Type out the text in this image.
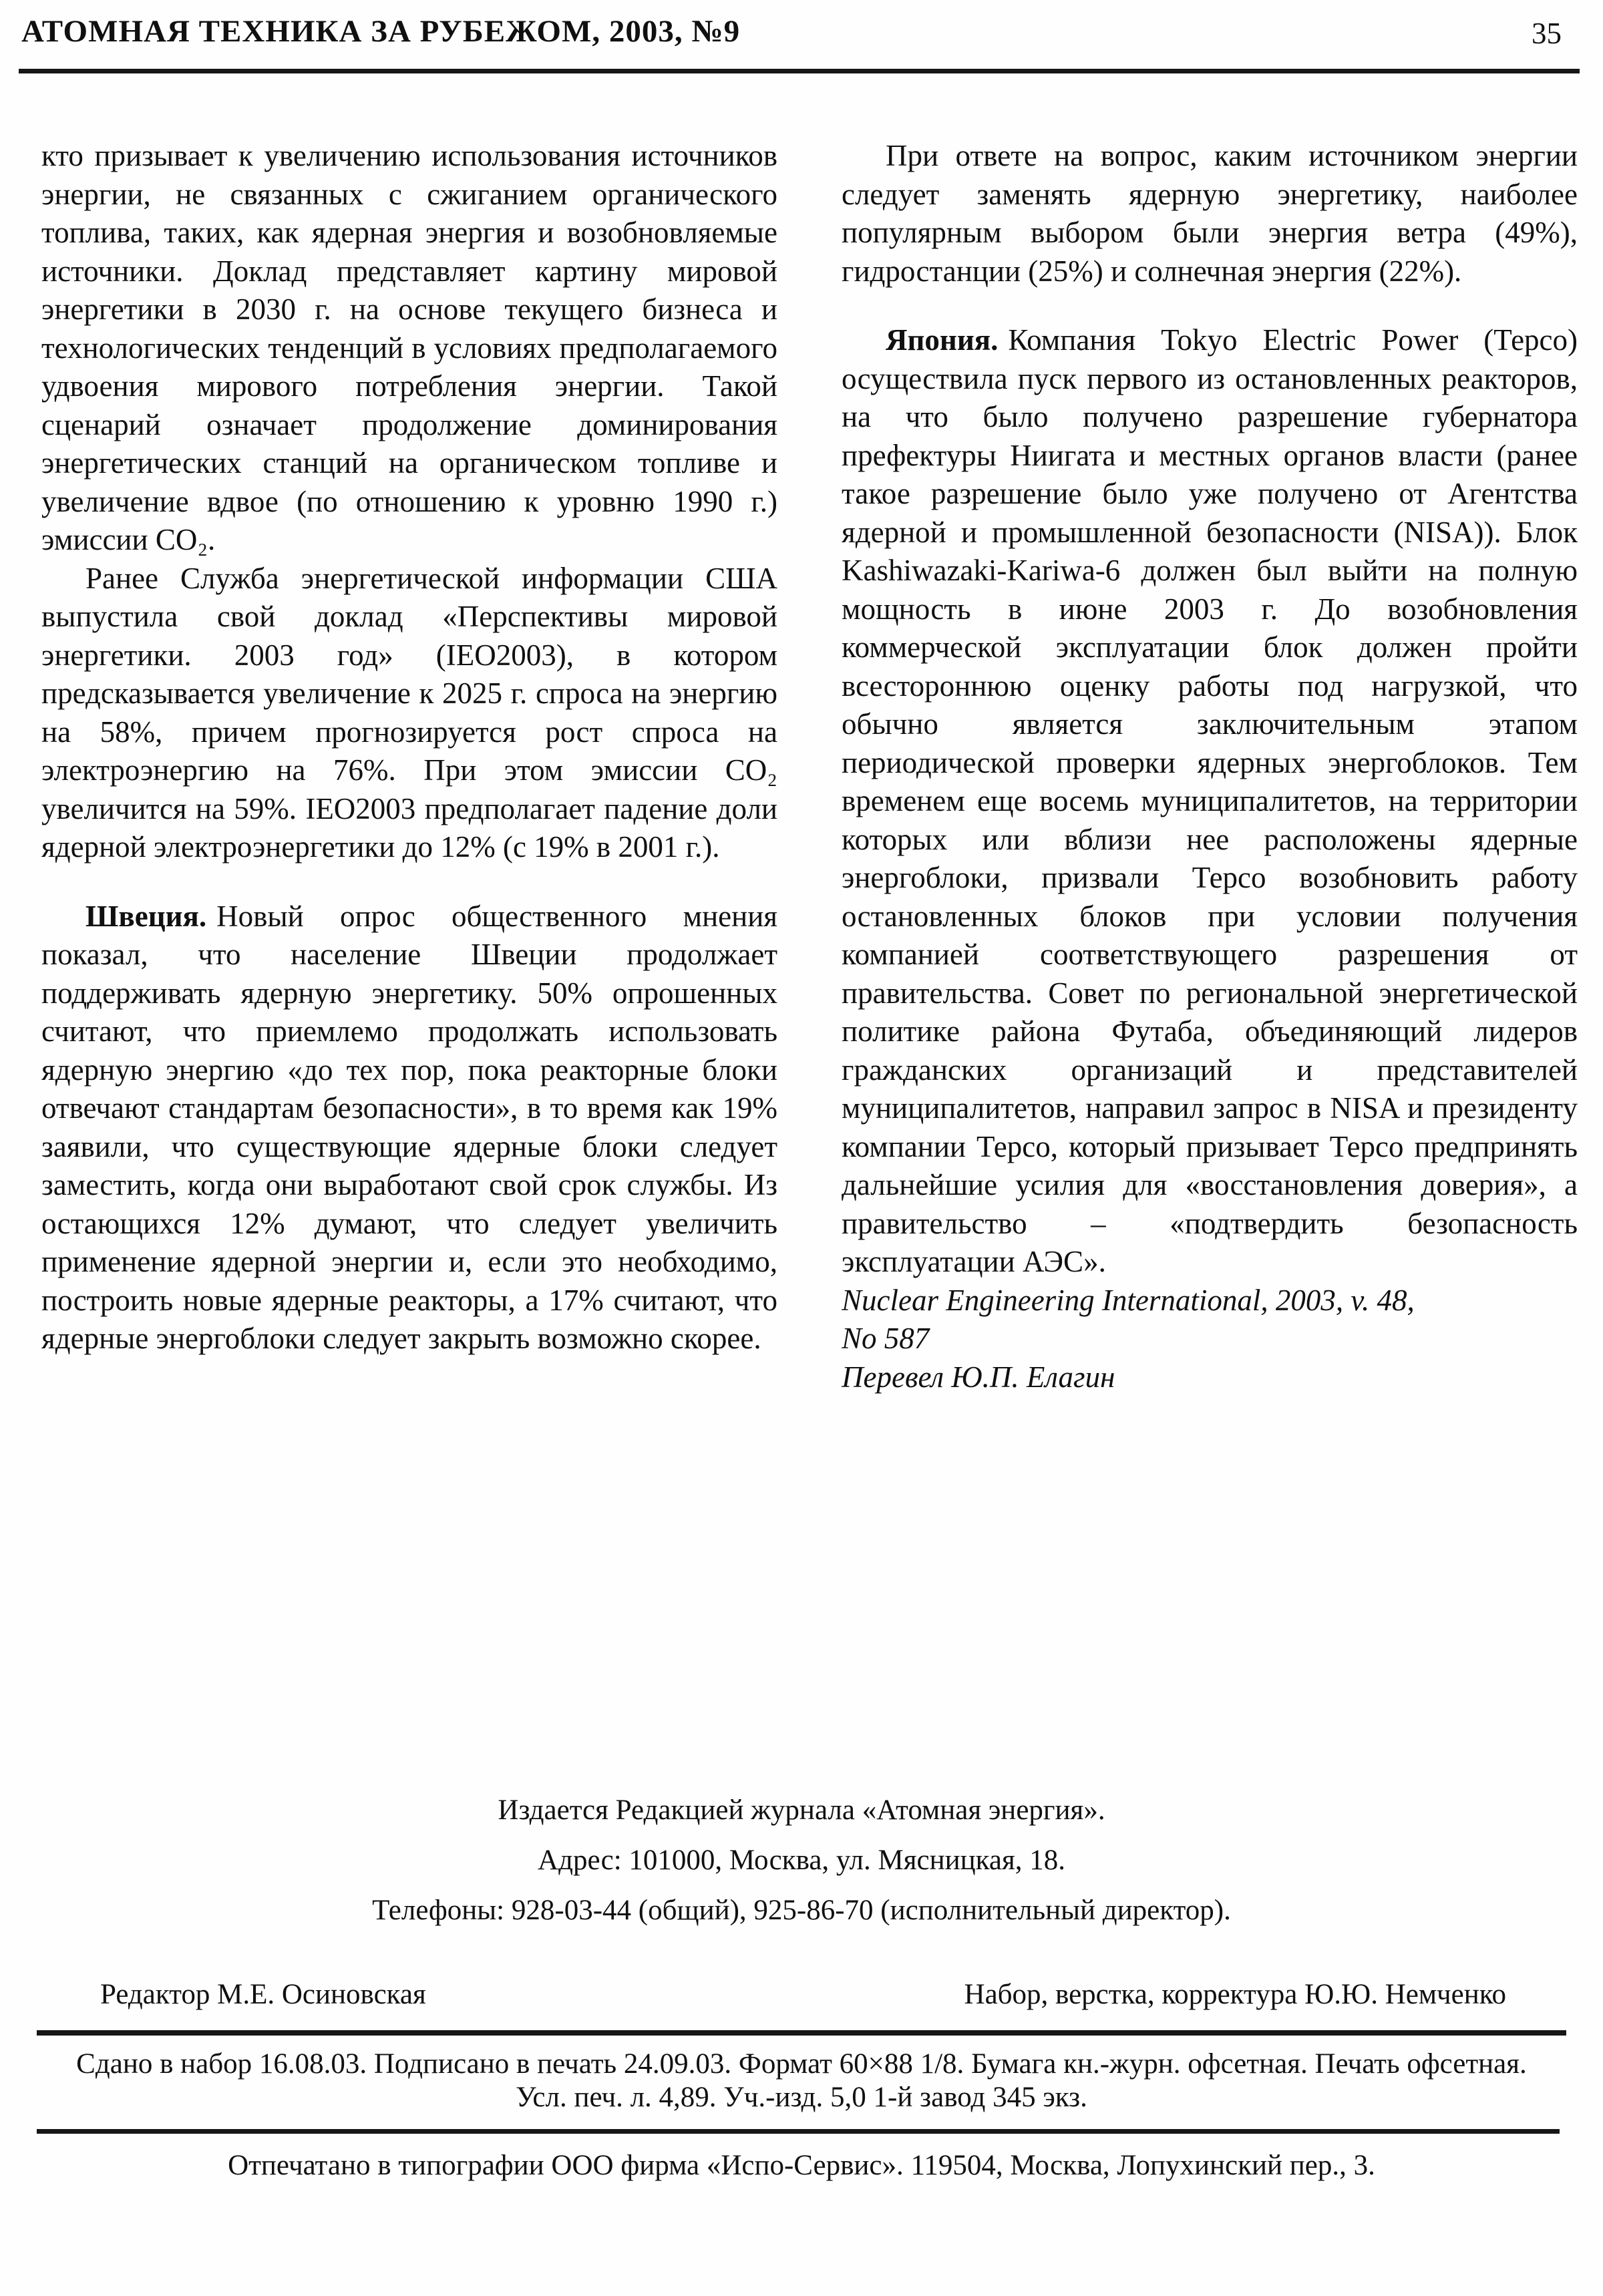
АТОМНАЯ ТЕХНИКА ЗА РУБЕЖОМ, 2003, №9	35

кто призывает к увеличению использования источников энергии, не связанных с сжиганием органического топлива, таких, как ядерная энергия и возобновляемые источники. Доклад представляет картину мировой энергетики в 2030 г. на основе текущего бизнеса и технологических тенденций в условиях предполагаемого удвоения мирового потребления энергии. Такой сценарий означает продолжение доминирования энергетических станций на органическом топливе и увеличение вдвое (по отношению к уровню 1990 г.) эмиссии CO₂.

Ранее Служба энергетической информации США выпустила свой доклад «Перспективы мировой энергетики. 2003 год» (IEO2003), в котором предсказывается увеличение к 2025 г. спроса на энергию на 58%, причем прогнозируется рост спроса на электроэнергию на 76%. При этом эмиссии CO₂ увеличится на 59%. IEO2003 предполагает падение доли ядерной электроэнергетики до 12% (с 19% в 2001 г.).

Швеция. Новый опрос общественного мнения показал, что население Швеции продолжает поддерживать ядерную энергетику. 50% опрошенных считают, что приемлемо продолжать использовать ядерную энергию «до тех пор, пока реакторные блоки отвечают стандартам безопасности», в то время как 19% заявили, что существующие ядерные блоки следует заместить, когда они выработают свой срок службы. Из остающихся 12% думают, что следует увеличить применение ядерной энергии и, если это необходимо, построить новые ядерные реакторы, а 17% считают, что ядерные энергоблоки следует закрыть возможно скорее.

При ответе на вопрос, каким источником энергии следует заменять ядерную энергетику, наиболее популярным выбором были энергия ветра (49%), гидростанции (25%) и солнечная энергия (22%).

Япония. Компания Tokyo Electric Power (Терсо) осуществила пуск первого из остановленных реакторов, на что было получено разрешение губернатора префектуры Ниигата и местных органов власти (ранее такое разрешение было уже получено от Агентства ядерной и промышленной безопасности (NISA)). Блок Kashiwazaki-Kariwa-6 должен был выйти на полную мощность в июне 2003 г. До возобновления коммерческой эксплуатации блок должен пройти всестороннюю оценку работы под нагрузкой, что обычно является заключительным этапом периодической проверки ядерных энергоблоков. Тем временем еще восемь муниципалитетов, на территории которых или вблизи нее расположены ядерные энергоблоки, призвали Терсо возобновить работу остановленных блоков при условии получения компанией соответствующего разрешения от правительства. Совет по региональной энергетической политике района Футаба, объединяющий лидеров гражданских организаций и представителей муниципалитетов, направил запрос в NISA и президенту компании Терсо, который призывает Терсо предпринять дальнейшие усилия для «восстановления доверия», а правительство – «подтвердить безопасность эксплуатации АЭС».

Nuclear Engineering International, 2003, v. 48,

No 587

Перевел Ю.П. Елагин

Издается Редакцией журнала «Атомная энергия».
Адрес: 101000, Москва, ул. Мясницкая, 18.
Телефоны: 928-03-44 (общий), 925-86-70 (исполнительный директор).
Редактор М.Е. Осиновская	Набор, верстка, корректура Ю.Ю. Немченко
Сдано в набор 16.08.03. Подписано в печать 24.09.03. Формат 60×88 1/8. Бумага кн.-журн. офсетная. Печать офсетная.
Усл. печ. л. 4,89. Уч.-изд. 5,0 1-й завод 345 экз.
Отпечатано в типографии ООО фирма «Испо-Сервис». 119504, Москва, Лопухинский пер., 3.
